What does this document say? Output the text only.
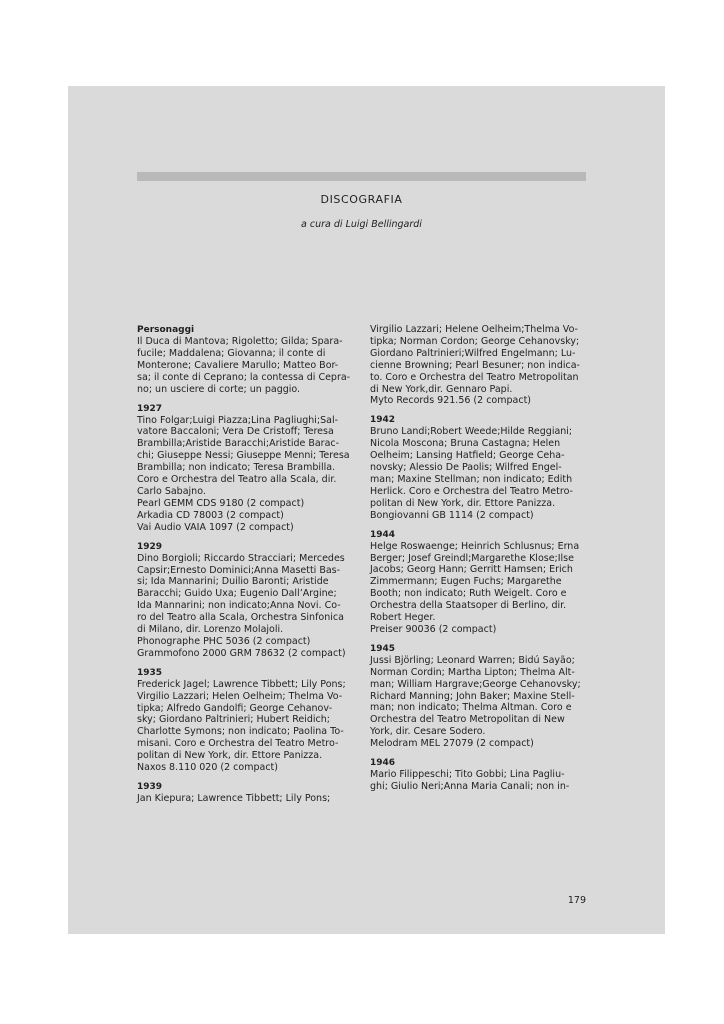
DISCOGRAFIA
a cura di Luigi Bellingardi
Personaggi
Il Duca di Mantova; Rigoletto; Gilda; Spara-
fucile; Maddalena; Giovanna; il conte di
Monterone; Cavaliere Marullo; Matteo Bor-
sa; il conte di Ceprano; la contessa di Cepra-
no; un usciere di corte; un paggio.
1927
Tino Folgar;Luigi Piazza;Lina Pagliughi;Sal-
vatore Baccaloni; Vera De Cristoff; Teresa
Brambilla;Aristide Baracchi;Aristide Barac-
chi; Giuseppe Nessi; Giuseppe Menni; Teresa
Brambilla; non indicato; Teresa Brambilla.
Coro e Orchestra del Teatro alla Scala, dir.
Carlo Sabajno.
Pearl GEMM CDS 9180 (2 compact)
Arkadia CD 78003 (2 compact)
Vai Audio VAIA 1097 (2 compact)
1929
Dino Borgioli; Riccardo Stracciari; Mercedes
Capsir;Ernesto Dominici;Anna Masetti Bas-
si; Ida Mannarini; Duilio Baronti; Aristide
Baracchi; Guido Uxa; Eugenio Dall’Argine;
Ida Mannarini; non indicato;Anna Novi. Co-
ro del Teatro alla Scala, Orchestra Sinfonica
di Milano, dir. Lorenzo Molajoli.
Phonographe PHC 5036 (2 compact)
Grammofono 2000 GRM 78632 (2 compact)
1935
Frederick Jagel; Lawrence Tibbett; Lily Pons;
Virgilio Lazzari; Helen Oelheim; Thelma Vo-
tipka; Alfredo Gandolfi; George Cehanov-
sky; Giordano Paltrinieri; Hubert Reidich;
Charlotte Symons; non indicato; Paolina To-
misani. Coro e Orchestra del Teatro Metro-
politan di New York, dir. Ettore Panizza.
Naxos 8.110 020 (2 compact)
1939
Jan Kiepura; Lawrence Tibbett; Lily Pons;
Virgilio Lazzari; Helene Oelheim;Thelma Vo-
tipka; Norman Cordon; George Cehanovsky;
Giordano Paltrinieri;Wilfred Engelmann; Lu-
cienne Browning; Pearl Besuner; non indica-
to. Coro e Orchestra del Teatro Metropolitan
di New York,dir. Gennaro Papi.
Myto Records 921.56 (2 compact)
1942
Bruno Landi;Robert Weede;Hilde Reggiani;
Nicola Moscona; Bruna Castagna; Helen
Oelheim; Lansing Hatfield; George Ceha-
novsky; Alessio De Paolis; Wilfred Engel-
man; Maxine Stellman; non indicato; Edith
Herlick. Coro e Orchestra del Teatro Metro-
politan di New York, dir. Ettore Panizza.
Bongiovanni GB 1114 (2 compact)
1944
Helge Roswaenge; Heinrich Schlusnus; Erna
Berger; Josef Greindl;Margarethe Klose;Ilse
Jacobs; Georg Hann; Gerritt Hamsen; Erich
Zimmermann; Eugen Fuchs; Margarethe
Booth; non indicato; Ruth Weigelt. Coro e
Orchestra della Staatsoper di Berlino, dir.
Robert Heger.
Preiser 90036 (2 compact)
1945
Jussi Björling; Leonard Warren; Bidú Sayão;
Norman Cordin; Martha Lipton; Thelma Alt-
man; William Hargrave;George Cehanovsky;
Richard Manning; John Baker; Maxine Stell-
man; non indicato; Thelma Altman. Coro e
Orchestra del Teatro Metropolitan di New
York, dir. Cesare Sodero.
Melodram MEL 27079 (2 compact)
1946
Mario Filippeschi; Tito Gobbi; Lina Pagliu-
ghi; Giulio Neri;Anna Maria Canali; non in-
179
